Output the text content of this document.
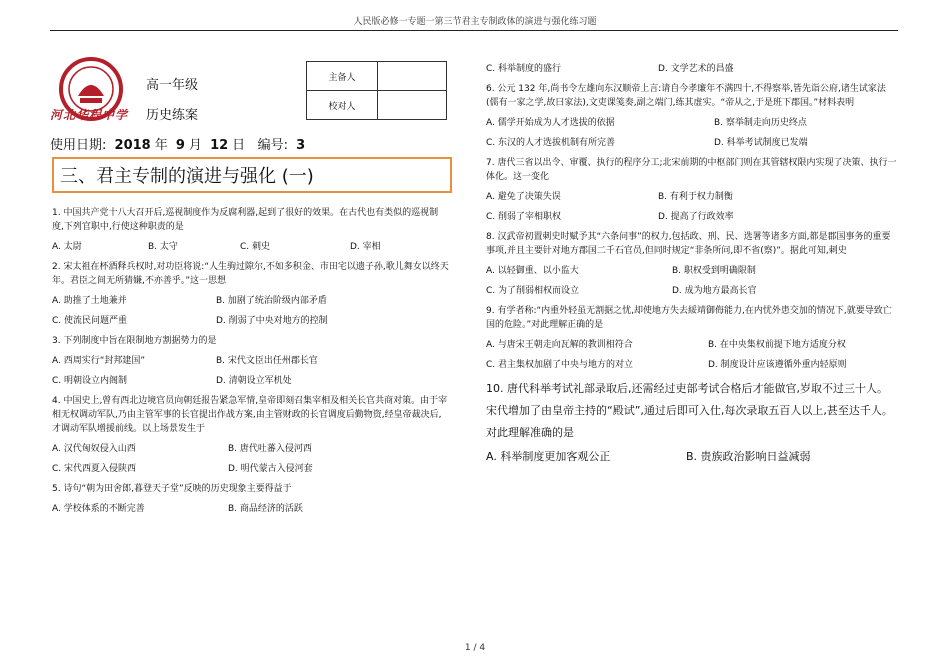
人民版必修一专题一第三节君主专制政体的演进与强化练习题
河北华程中学
高一年级
历史练案
主备人	
校对人	
使用日期: 2018 年 9 月 12 日 编号: 3
三、君主专制的演进与强化 (一)

1. 中国共产党十八大召开后,巡视制度作为反腐利器,起到了很好的效果。在古代也有类似的巡视制度,下列官职中,行使这种职责的是

A. 太尉	B. 太守	C. 刺史	D. 宰相

2. 宋太祖在杯酒释兵权时,对功臣将说:“人生驹过隙尔,不如多积金、市田宅以遗子孙,歌儿舞女以终天年。君臣之间无所猜嫌,不亦善乎。”这一思想

A. 助推了土地兼并	B. 加剧了统治阶级内部矛盾
C. 使流民问题严重	D. 削弱了中央对地方的控制

3. 下列制度中旨在限制地方割据势力的是

A. 西周实行“封邦建国”	B. 宋代文臣出任州郡长官
C. 明朝设立内阁制	D. 清朝设立军机处

4. 中国史上,曾有西北边境官员向朝廷报告紧急军情,皇帝即刻召集宰相及相关长官共商对策。由于宰相无权调动军队,乃由主管军事的长官提出作战方案,由主管财政的长官调度后勤物资,经皇帝裁决后,才调动军队增援前线。以上场景发生于

A. 汉代匈奴侵入山西	B. 唐代吐蕃入侵河西
C. 宋代西夏入侵陕西	D. 明代蒙古入侵河套

5. 诗句“朝为田舍郎,暮登天子堂”反映的历史现象主要得益于

A. 学校体系的不断完善	B. 商品经济的活跃
C. 科举制度的盛行	D. 文学艺术的昌盛

6. 公元 132 年,尚书令左雄向东汉顺帝上言:请自今孝廉年不满四十,不得察举,皆先诣公府,诸生试家法(儒有一家之学,故曰家法),文吏课笺奏,副之端门,练其虚实。“帝从之,于是班下郡国。”材料表明

A. 儒学开始成为人才选拔的依据	B. 察举制走向历史终点
C. 东汉的人才选拔机制有所完善	D. 科举考试制度已发端

7. 唐代三省以出令、审覆、执行的程序分工;北宋前期的中枢部门则在其管辖权限内实现了决策、执行一体化。这一变化

A. 避免了决策失误	B. 有利于权力制衡
C. 削弱了宰相职权	D. 提高了行政效率

8. 汉武帝初置刺史时赋予其“六条问事”的权力,包括政、刑、民、选署等诸多方面,都是郡国事务的重要事项,并且主要针对地方郡国二千石官员,但同时规定“非条所问,即不省(察)”。据此可知,刺史

A. 以轻御重、以小监大	B. 职权受到明确限制
C. 为了削弱相权而设立	D. 成为地方最高长官

9. 有学者称:“内重外轻虽无割据之忧,却使地方失去綏靖御侮能力,在内忧外患交加的情况下,就要导致亡国的危险。”对此理解正确的是

A. 与唐宋王朝走向瓦解的教训相符合	B. 在中央集权前提下地方适度分权
C. 君主集权加剧了中央与地方的对立	D. 制度设计应该遵循外重内轻原则

10. 唐代科举考试礼部录取后,还需经过吏部考试合格后才能做官,岁取不过三十人。宋代增加了由皇帝主持的“殿试”,通过后即可入仕,每次录取五百人以上,甚至达千人。对此理解准确的是

A. 科举制度更加客观公正	B. 贵族政治影响日益减弱
1 / 4
